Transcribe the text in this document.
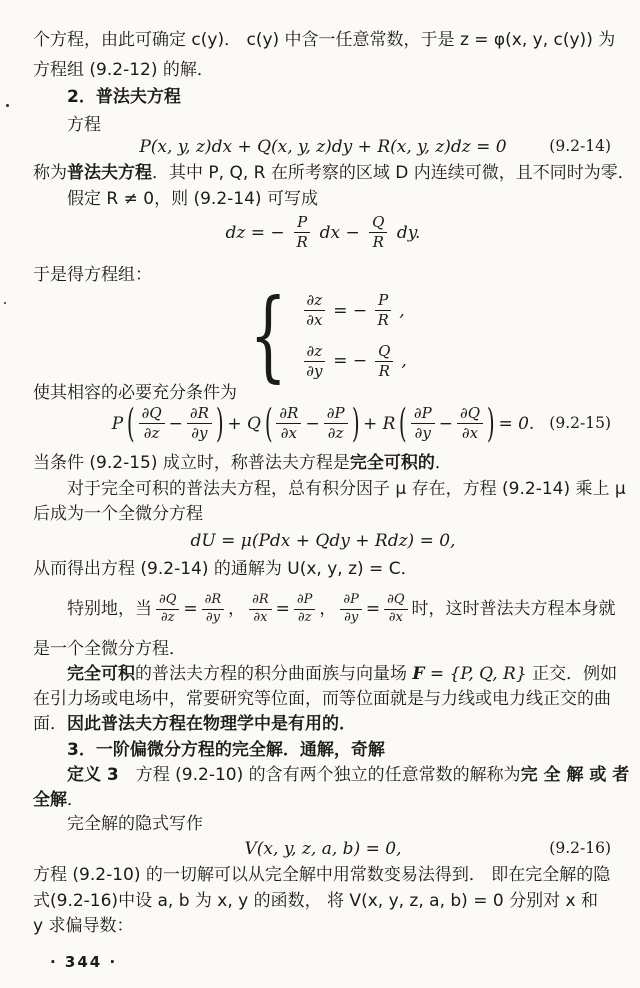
个方程，由此可确定 c(y)． c(y) 中含一任意常数，于是 z = φ(x, y, c(y)) 为
方程组 (9.2-12) 的解．
2．普法夫方程
方程
P(x, y, z)dx + Q(x, y, z)dy + R(x, y, z)dz = 0	(9.2-14)
称为普法夫方程．其中 P, Q, R 在所考察的区域 D 内连续可微，且不同时为零．
假定 R ≠ 0，则 (9.2-14) 可写成
dz = − $\frac{P}{R}$ dx − $\frac{Q}{R}$ dy.
于是得方程组：
{ $\frac{\partial z}{\partial x}$ = − $\frac{P}{R}$ ,
$\frac{\partial z}{\partial y}$ = − $\frac{Q}{R}$ ,
使其相容的必要充分条件为
P ( $\frac{\partial Q}{\partial z} - \frac{\partial R}{\partial y}$ ) + Q ( $\frac{\partial R}{\partial x} - \frac{\partial P}{\partial z}$ ) + R ( $\frac{\partial P}{\partial y} - \frac{\partial Q}{\partial x}$ ) = 0. (9.2-15)
当条件 (9.2-15) 成立时，称普法夫方程是完全可积的．
对于完全可积的普法夫方程，总有积分因子 μ 存在，方程 (9.2-14) 乘上 μ
后成为一个全微分方程
dU = μ(Pdx + Qdy + Rdz) = 0,
从而得出方程 (9.2-14) 的通解为 U(x, y, z) = C．
特别地，当 $\frac{\partial Q}{\partial z} = \frac{\partial R}{\partial y}$ ， $\frac{\partial R}{\partial x} = \frac{\partial P}{\partial z}$ ， $\frac{\partial P}{\partial y} = \frac{\partial Q}{\partial x}$ 时，这时普法夫方程本身就
是一个全微分方程．
完全可积的普法夫方程的积分曲面族与向量场 F = {P, Q, R} 正交．例如
在引力场或电场中，常要研究等位面，而等位面就是与力线或电力线正交的曲
面．因此普法夫方程在物理学中是有用的．
3．一阶偏微分方程的完全解．通解，奇解
定义 3　方程 (9.2-10) 的含有两个独立的任意常数的解称为完 全 解 或 者
全解．
完全解的隐式写作
V(x, y, z, a, b) = 0,	(9.2-16)
方程 (9.2-10) 的一切解可以从完全解中用常数变易法得到． 即在完全解的隐
式(9.2-16)中设 a, b 为 x, y 的函数， 将 V(x, y, z, a, b) = 0 分别对 x 和
y 求偏导数：
· 344 ·
